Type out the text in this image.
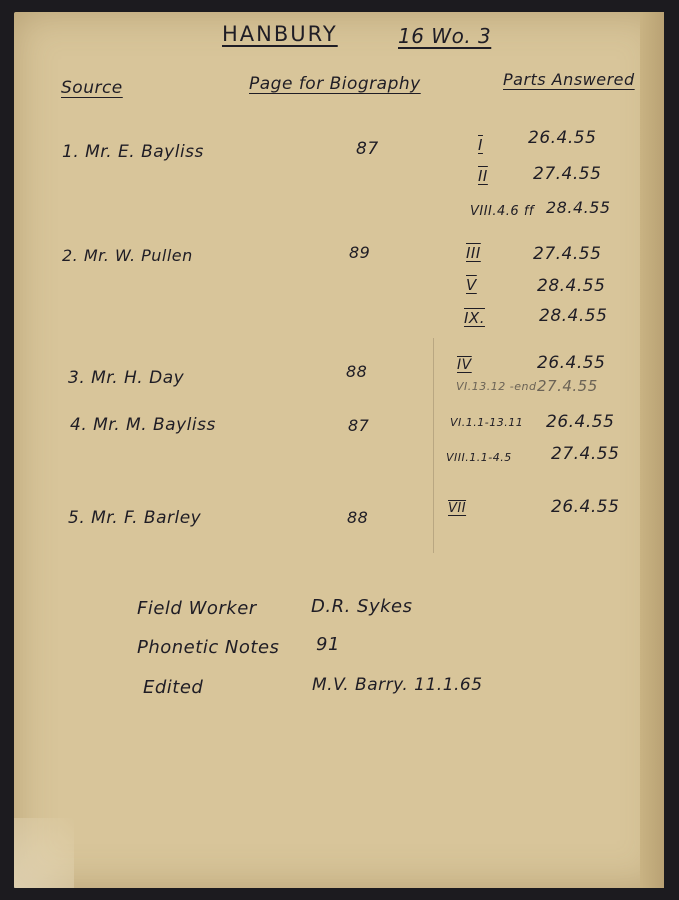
HANBURY	16 Wo. 3
Source	Page for Biography	Parts Answered
1. Mr. E. Bayliss	87	I	26.4.55
II	27.4.55
VIII.4.6 ff 28.4.55
2. Mr. W. Pullen	89	III	27.4.55
V	28.4.55
IX.	28.4.55
3. Mr. H. Day	88	IV	26.4.55
VI.13.12 -end 27.4.55
4. Mr. M. Bayliss	87	VI.1.1-13.11 26.4.55
VIII.1.1-4.5 27.4.55
5. Mr. F. Barley	88	VII	26.4.55
Field Worker	D.R. Sykes
Phonetic Notes 91
Edited	M.V. Barry. 11.1.65
